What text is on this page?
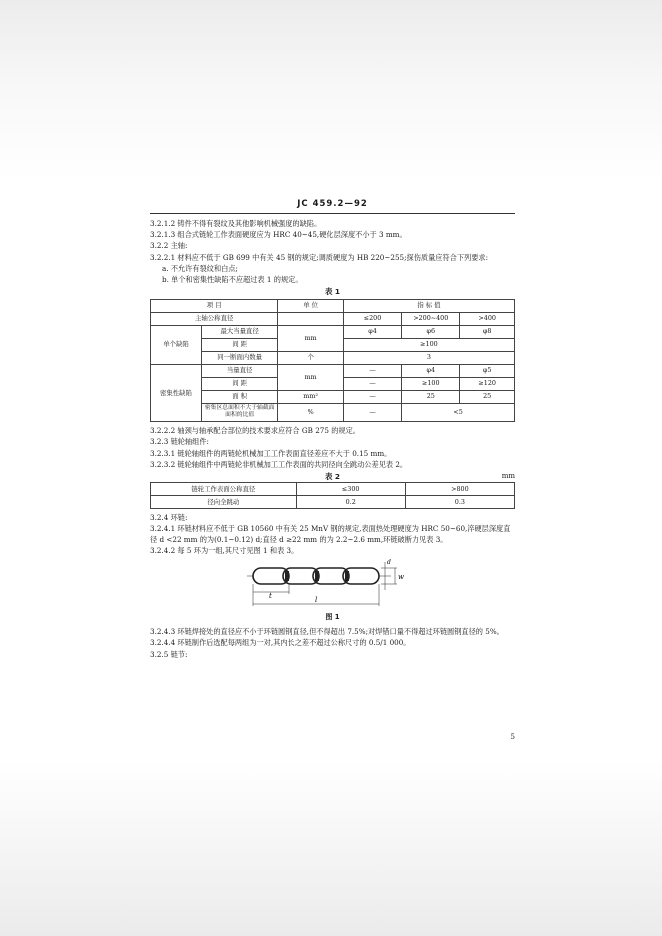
JC 459.2—92

3.2.1.2 铸件不得有裂纹及其他影响机械强度的缺陷。

3.2.1.3 组合式链轮工作表面硬度应为 HRC 40~45,硬化层深度不小于 3 mm。

3.2.2 主轴:

3.2.2.1 材料应不低于 GB 699 中有关 45 钢的规定;调质硬度为 HB 220~255;探伤质量应符合下列要求:

a. 不允许有裂纹和白点;

b. 单个和密集性缺陷不应超过表 1 的规定。

表 1
项 目		单 位	指 标 值		
主轴公称直径			≤200	>200~400	>400
单个缺陷	最大当量直径	mm	φ4	φ6	φ8
	间 距		≥100		
	同一断面内数量	个	3		
密集性缺陷	当量直径	mm	—	φ4	φ5
	间 距		—	≥100	≥120
	面 积	mm²	—	25	25
	密集区总面积不大于轴截面面积的比值	%	—	<5	

3.2.2.2 轴颈与轴承配合部位的技术要求应符合 GB 275 的规定。

3.2.3 链轮轴组件:

3.2.3.1 链轮轴组件的两链轮机械加工工作表面直径差应不大于 0.15 mm。

3.2.3.2 链轮轴组件中两链轮非机械加工工作表面的共同径向全跳动公差见表 2。

表 2	mm
链轮工作表面公称直径	≤300	>800
径向全跳动	0.2	0.3

3.2.4 环链:

3.2.4.1 环链材料应不低于 GB 10560 中有关 25 MnV 钢的规定,表面热处理硬度为 HRC 50~60,淬硬层深度直径 d <22 mm 的为(0.1~0.12) d;直径 d ≥22 mm 的为 2.2~2.6 mm,环链破断力见表 3。

3.2.4.2 每 5 环为一组,其尺寸见图 1 和表 3。

t	l
w
d
图 1

3.2.4.3 环链焊接处的直径应不小于环链圆钢直径,但不得超出 7.5%;对焊错口量不得超过环链圆钢直径的 5%。

3.2.4.4 环链制作后选配每两组为一对,其内长之差不超过公称尺寸的 0.5/1 000。

3.2.5 链节:

5
